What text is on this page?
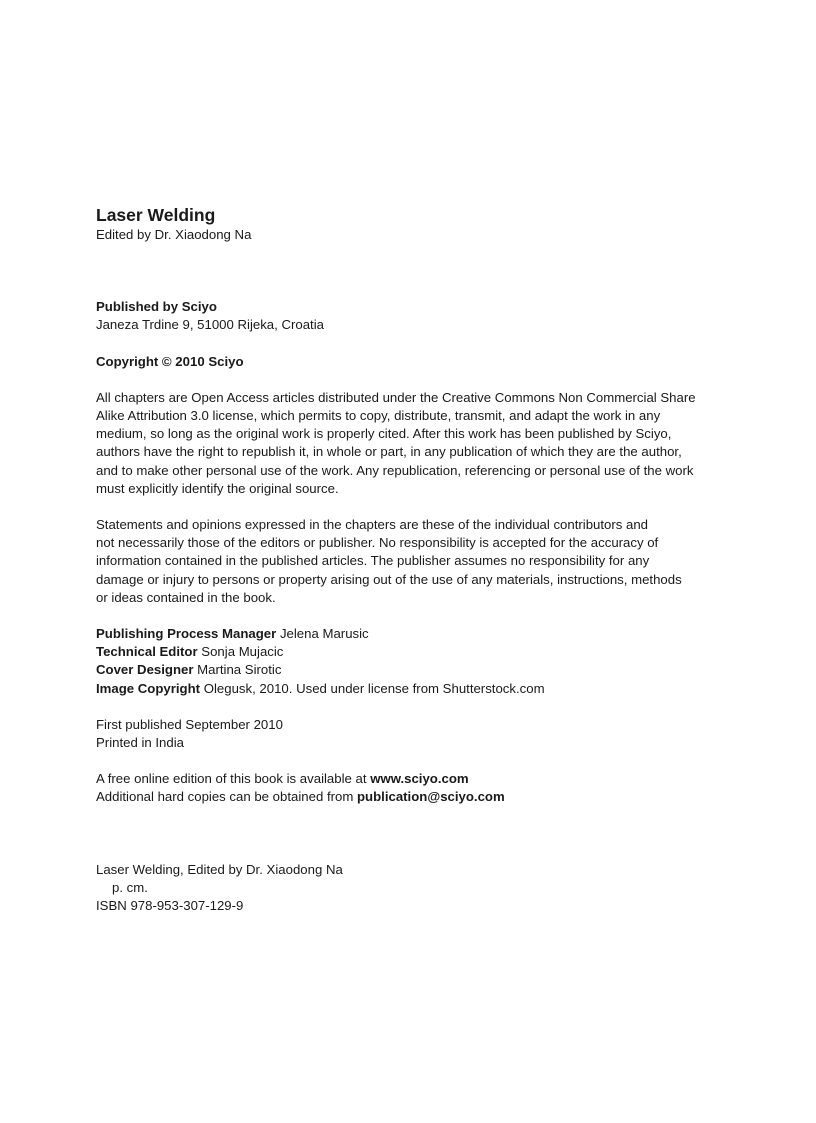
Laser Welding
Edited by Dr. Xiaodong Na
Published by Sciyo
Janeza Trdine 9, 51000 Rijeka, Croatia
Copyright © 2010 Sciyo
All chapters are Open Access articles distributed under the Creative Commons Non Commercial Share
Alike Attribution 3.0 license, which permits to copy, distribute, transmit, and adapt the work in any
medium, so long as the original work is properly cited. After this work has been published by Sciyo,
authors have the right to republish it, in whole or part, in any publication of which they are the author,
and to make other personal use of the work. Any republication, referencing or personal use of the work
must explicitly identify the original source.
Statements and opinions expressed in the chapters are these of the individual contributors and
not necessarily those of the editors or publisher. No responsibility is accepted for the accuracy of
information contained in the published articles. The publisher assumes no responsibility for any
damage or injury to persons or property arising out of the use of any materials, instructions, methods
or ideas contained in the book.
Publishing Process Manager Jelena Marusic
Technical Editor Sonja Mujacic
Cover Designer Martina Sirotic
Image Copyright Olegusk, 2010. Used under license from Shutterstock.com
First published September 2010
Printed in India
A free online edition of this book is available at www.sciyo.com
Additional hard copies can be obtained from publication@sciyo.com
Laser Welding, Edited by Dr. Xiaodong Na
p. cm.
ISBN 978-953-307-129-9
